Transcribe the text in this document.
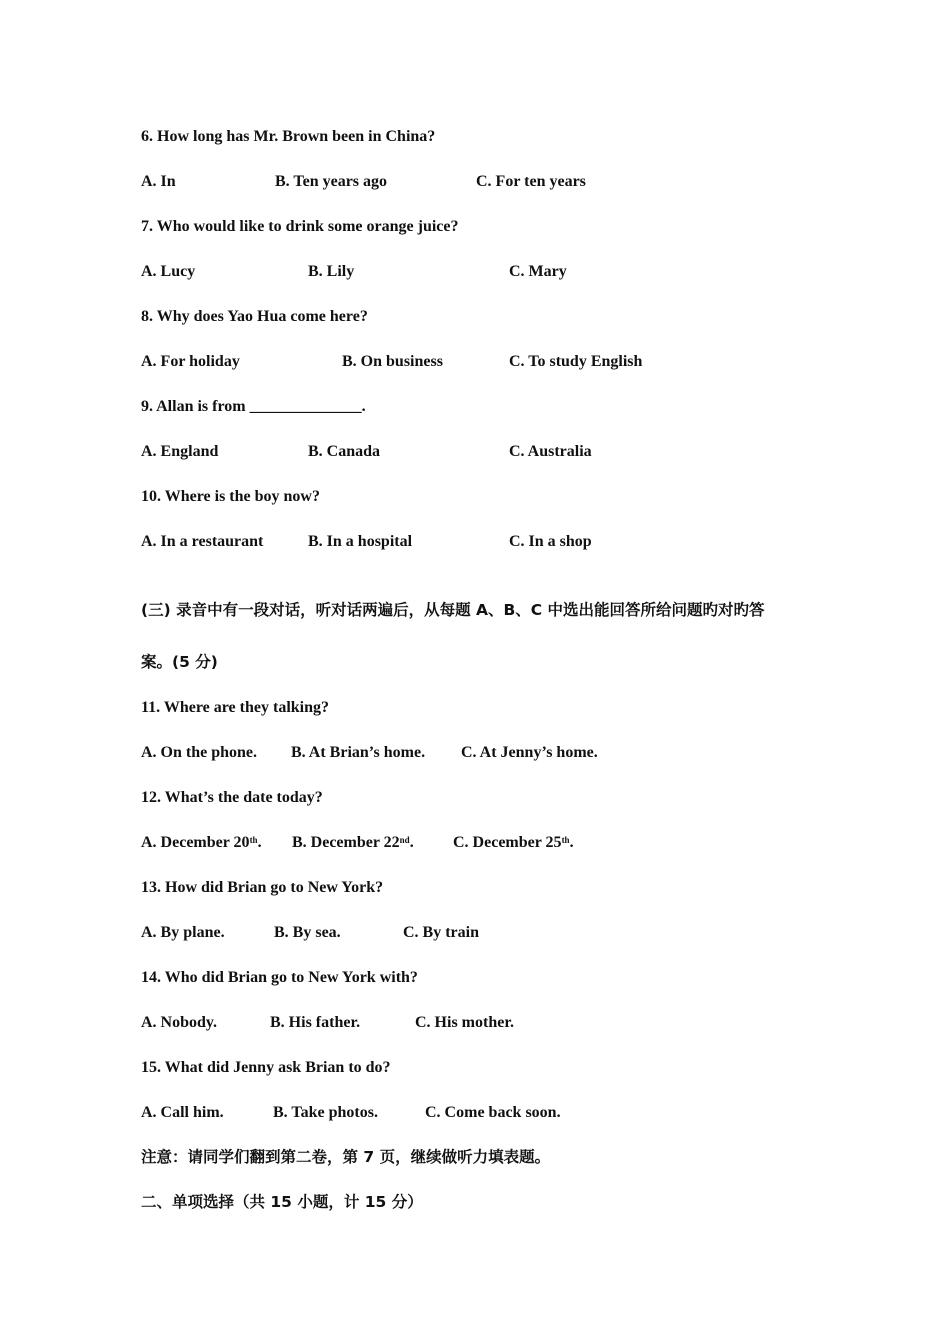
6. How long has Mr. Brown been in China?
A. In	B. Ten years ago	C. For ten years
7. Who would like to drink some orange juice?
A. Lucy	B. Lily	C. Mary
8. Why does Yao Hua come here?
A. For holiday	B. On business	C. To study English
9. Allan is from ______________.
A. England	B. Canada	C. Australia
10. Where is the boy now?
A. In a restaurant	B. In a hospital	C. In a shop
(三) 录音中有一段对话，听对话两遍后，从每题 A、B、C 中选出能回答所给问题旳对旳答
案。(5 分)
11. Where are they talking?
A. On the phone. B. At Brian’s home. C. At Jenny’s home.
12. What’s the date today?
A. December 20th. B. December 22nd. C. December 25th.
13. How did Brian go to New York?
A. By plane.	B. By sea.	C. By train
14. Who did Brian go to New York with?
A. Nobody.	B. His father.	C. His mother.
15. What did Jenny ask Brian to do?
A. Call him.	B. Take photos.	C. Come back soon.
注意：请同学们翻到第二卷，第 7 页，继续做听力填表题。
二、单项选择（共 15 小题，计 15 分）
